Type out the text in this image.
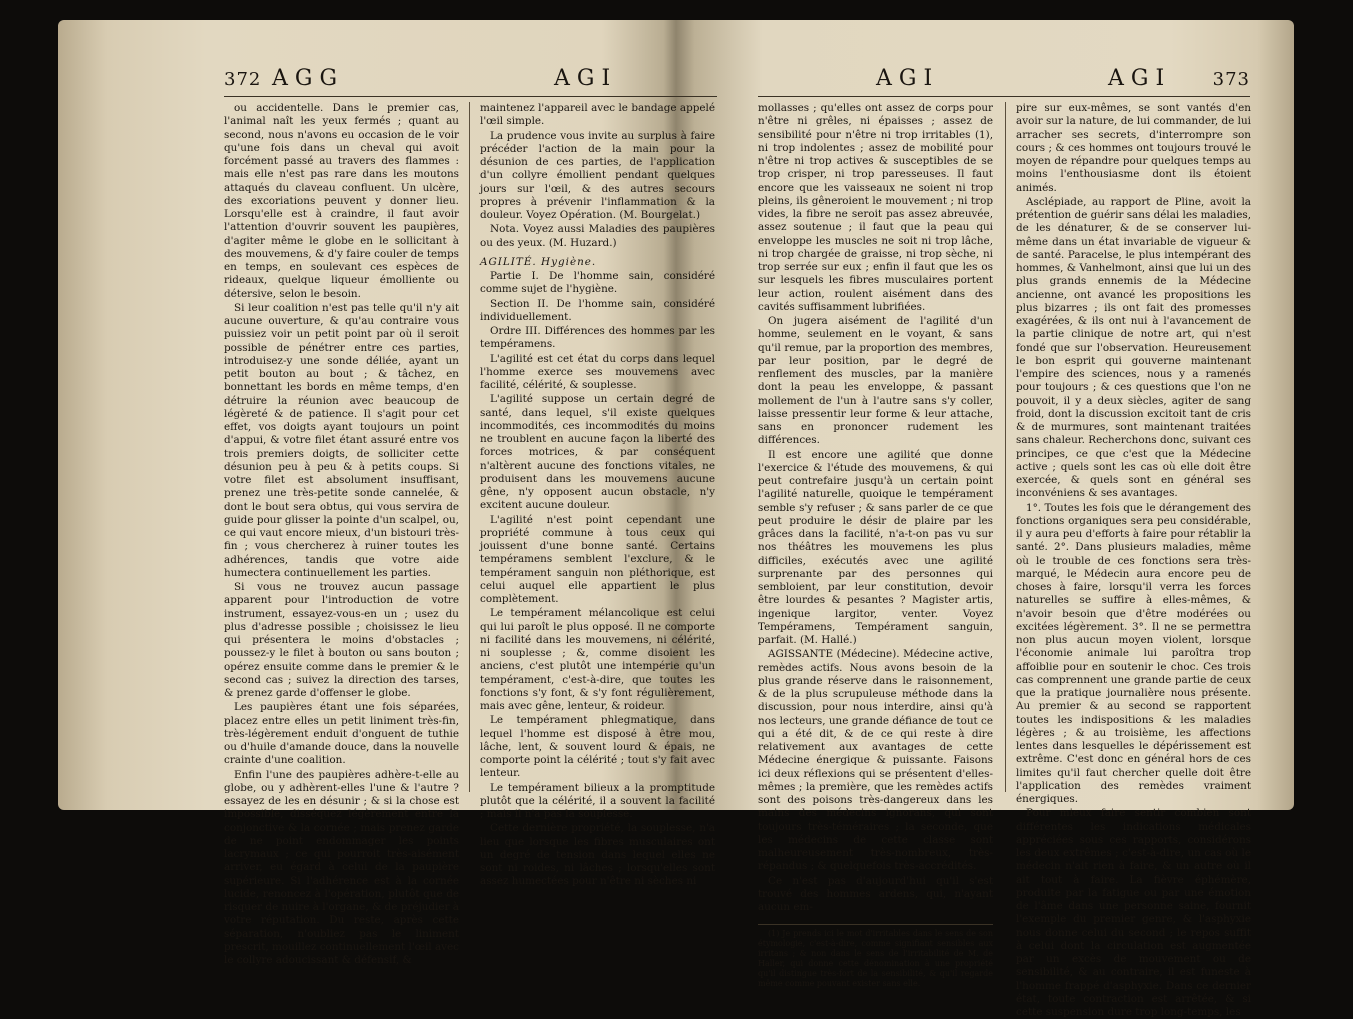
372 AGG	AGI

ou accidentelle. Dans le premier cas, l'animal naît les yeux fermés ; quant au second, nous n'avons eu occasion de le voir qu'une fois dans un cheval qui avoit forcément passé au travers des flammes : mais elle n'est pas rare dans les moutons attaqués du claveau confluent. Un ulcère, des excoriations peuvent y donner lieu. Lorsqu'elle est à craindre, il faut avoir l'attention d'ouvrir souvent les paupières, d'agiter même le globe en le sollicitant à des mouvemens, & d'y faire couler de temps en temps, en soulevant ces espèces de rideaux, quelque liqueur émolliente ou détersive, selon le besoin.

Si leur coalition n'est pas telle qu'il n'y ait aucune ouverture, & qu'au contraire vous puissiez voir un petit point par où il seroit possible de pénétrer entre ces parties, introduisez-y une sonde déliée, ayant un petit bouton au bout ; & tâchez, en bonnettant les bords en même temps, d'en détruire la réunion avec beaucoup de légèreté & de patience. Il s'agit pour cet effet, vos doigts ayant toujours un point d'appui, & votre filet étant assuré entre vos trois premiers doigts, de solliciter cette désunion peu à peu & à petits coups. Si votre filet est absolument insuffisant, prenez une très-petite sonde cannelée, & dont le bout sera obtus, qui vous servira de guide pour glisser la pointe d'un scalpel, ou, ce qui vaut encore mieux, d'un bistouri très-fin ; vous chercherez à ruiner toutes les adhérences, tandis que votre aide humectera continuellement les parties.

Si vous ne trouvez aucun passage apparent pour l'introduction de votre instrument, essayez-vous-en un ; usez du plus d'adresse possible ; choisissez le lieu qui présentera le moins d'obstacles ; poussez-y le filet à bouton ou sans bouton ; opérez ensuite comme dans le premier & le second cas ; suivez la direction des tarses, & prenez garde d'offenser le globe.

Les paupières étant une fois séparées, placez entre elles un petit liniment très-fin, très-légèrement enduit d'onguent de tuthie ou d'huile d'amande douce, dans la nouvelle crainte d'une coalition.

Enfin l'une des paupières adhère-t-elle au globe, ou y adhèrent-elles l'une & l'autre ? essayez de les en désunir ; & si la chose est impossible, disséquez légèrement entre la conjonctive & la cornée ; mais prenez garde de ne point endommager les points lacrymaux ; ce qui pourroit très-aisément arriver, eu égard à celui de la paupière supérieure. Si l'adhérence est à la cornée lucide, renoncez à l'opération, plutôt que de risquer de nuire à l'organe, & de préjudier à votre réputation. Du reste, après cette séparation, n'oubliez pas le liniment prescrit, mouillez continuellement l'œil avec le collyre adoucissant & défensif, &

maintenez l'appareil avec le bandage appelé l'œil simple.

La prudence vous invite au surplus à faire précéder l'action de la main pour la désunion de ces parties, de l'application d'un collyre émollient pendant quelques jours sur l'œil, & des autres secours propres à prévenir l'inflammation & la douleur. Voyez Opération. (M. Bourgelat.)

Nota. Voyez aussi Maladies des paupières ou des yeux. (M. Huzard.)

AGILITÉ. Hygiène.

Partie I. De l'homme sain, considéré comme sujet de l'hygiène.

Section II. De l'homme sain, considéré individuellement.

Ordre III. Différences des hommes par les tempéramens.

L'agilité est cet état du corps dans lequel l'homme exerce ses mouvemens avec facilité, célérité, & souplesse.

L'agilité suppose un certain degré de santé, dans lequel, s'il existe quelques incommodités, ces incommodités du moins ne troublent en aucune façon la liberté des forces motrices, & par conséquent n'altèrent aucune des fonctions vitales, ne produisent dans les mouvemens aucune gêne, n'y opposent aucun obstacle, n'y excitent aucune douleur.

L'agilité n'est point cependant une propriété commune à tous ceux qui jouissent d'une bonne santé. Certains tempéramens semblent l'exclure, & le tempérament sanguin non pléthorique, est celui auquel elle appartient le plus complètement.

Le tempérament mélancolique est celui qui lui paroît le plus opposé. Il ne comporte ni facilité dans les mouvemens, ni célérité, ni souplesse ; &, comme disoient les anciens, c'est plutôt une intempérie qu'un tempérament, c'est-à-dire, que toutes les fonctions s'y font, & s'y font régulièrement, mais avec gêne, lenteur, & roideur.

Le tempérament phlegmatique, dans lequel l'homme est disposé à être mou, lâche, lent, & souvent lourd & épais, ne comporte point la célérité ; tout s'y fait avec lenteur.

Le tempérament bilieux a la promptitude plutôt que la célérité, il a souvent la facilité ; mais il n'a pas la souplesse.

Cette dernière propriété, la souplesse, n'a lieu que lorsque les fibres musculaires ont un degré de tension dans lequel elles ne sont ni roides, ni lâches ; lorsqu'elles sont assez humectées pour n'être ni sèches ni

AGI	AGI 373

mollasses ; qu'elles ont assez de corps pour n'être ni grêles, ni épaisses ; assez de sensibilité pour n'être ni trop irritables (1), ni trop indolentes ; assez de mobilité pour n'être ni trop actives & susceptibles de se trop crisper, ni trop paresseuses. Il faut encore que les vaisseaux ne soient ni trop pleins, ils gêneroient le mouvement ; ni trop vides, la fibre ne seroit pas assez abreuvée, assez soutenue ; il faut que la peau qui enveloppe les muscles ne soit ni trop lâche, ni trop chargée de graisse, ni trop sèche, ni trop serrée sur eux ; enfin il faut que les os sur lesquels les fibres musculaires portent leur action, roulent aisément dans des cavités suffisamment lubrifiées.

On jugera aisément de l'agilité d'un homme, seulement en le voyant, & sans qu'il remue, par la proportion des membres, par leur position, par le degré de renflement des muscles, par la manière dont la peau les enveloppe, & passant mollement de l'un à l'autre sans s'y coller, laisse pressentir leur forme & leur attache, sans en prononcer rudement les différences.

Il est encore une agilité que donne l'exercice & l'étude des mouvemens, & qui peut contrefaire jusqu'à un certain point l'agilité naturelle, quoique le tempérament semble s'y refuser ; & sans parler de ce que peut produire le désir de plaire par les grâces dans la facilité, n'a-t-on pas vu sur nos théâtres les mouvemens les plus difficiles, exécutés avec une agilité surprenante par des personnes qui sembloient, par leur constitution, devoir être lourdes & pesantes ? Magister artis, ingenique largitor, venter. Voyez Tempéramens, Tempérament sanguin, parfait. (M. Hallé.)

AGISSANTE (Médecine). Médecine active, remèdes actifs. Nous avons besoin de la plus grande réserve dans le raisonnement, & de la plus scrupuleuse méthode dans la discussion, pour nous interdire, ainsi qu'à nos lecteurs, une grande défiance de tout ce qui a été dit, & de ce qui reste à dire relativement aux avantages de cette Médecine énergique & puissante. Faisons ici deux réflexions qui se présentent d'elles-mêmes ; la première, que les remèdes actifs sont des poisons très-dangereux dans les mains des médecins ignorans, qui sont toujours très-téméraires ; la seconde, que les médecins de cette classe sont malheureusement très-nombreux, très-répandus ; & quelquefois très-accrédités.

Ce n'est pas d'aujourd'hui qu'il s'est trouvé des hommes ardens, qui, n'ayant aucun em-

(1) Je prends ici le mot d'irritables dans le sens de son étymologie, c'est-à-dire, comme signifiant sensibles aux irritans ; & non dans le sens de l'irritabilité de M. de Haller, qui donne cette dénomination à une propriété qu'il distingue très-fort de la sensibilité, & qu'il regarde même comme pouvant exister sans elle.

pire sur eux-mêmes, se sont vantés d'en avoir sur la nature, de lui commander, de lui arracher ses secrets, d'interrompre son cours ; & ces hommes ont toujours trouvé le moyen de répandre pour quelques temps au moins l'enthousiasme dont ils étoient animés.

Asclépiade, au rapport de Pline, avoit la prétention de guérir sans délai les maladies, de les dénaturer, & de se conserver lui-même dans un état invariable de vigueur & de santé. Paracelse, le plus intempérant des hommes, & Vanhelmont, ainsi que lui un des plus grands ennemis de la Médecine ancienne, ont avancé les propositions les plus bizarres ; ils ont fait des promesses exagérées, & ils ont nui à l'avancement de la partie clinique de notre art, qui n'est fondé que sur l'observation. Heureusement le bon esprit qui gouverne maintenant l'empire des sciences, nous y a ramenés pour toujours ; & ces questions que l'on ne pouvoit, il y a deux siècles, agiter de sang froid, dont la discussion excitoit tant de cris & de murmures, sont maintenant traitées sans chaleur. Recherchons donc, suivant ces principes, ce que c'est que la Médecine active ; quels sont les cas où elle doit être exercée, & quels sont en général ses inconvéniens & ses avantages.

1°. Toutes les fois que le dérangement des fonctions organiques sera peu considérable, il y aura peu d'efforts à faire pour rétablir la santé. 2°. Dans plusieurs maladies, même où le trouble de ces fonctions sera très-marqué, le Médecin aura encore peu de choses à faire, lorsqu'il verra les forces naturelles se suffire à elles-mêmes, & n'avoir besoin que d'être modérées ou excitées légèrement. 3°. Il ne se permettra non plus aucun moyen violent, lorsque l'économie animale lui paroîtra trop affoiblie pour en soutenir le choc. Ces trois cas comprennent une grande partie de ceux que la pratique journalière nous présente. Au premier & au second se rapportent toutes les indispositions & les maladies légères ; & au troisième, les affections lentes dans lesquelles le dépérissement est extrême. C'est donc en général hors de ces limites qu'il faut chercher quelle doit être l'application des remèdes vraiment énergiques.

Pour mieux faire sentir combien sont différentes les indications médicales appréciées sous ces rapports, considérons les deux extrêmes ; c'est-à-dire, un cas où le médecin n'ait rien à faire, & un autre où il ait tout à faire. La fièvre éphémère, produite par la fatigue ou par une émotion de l'âme dans une personne saine, fournit l'exemple du premier genre, & l'asphyxie nous donne celui du second ; le repos suffit à celui dont la circulation est augmentée par un excès de mouvement ou de sensibilité, & au contraire, il est funeste à l'homme frappé d'asphyxie. Dans ce dernier état, toute contraction est arrêtée, & si cette suspension dure trop long-temps, les
